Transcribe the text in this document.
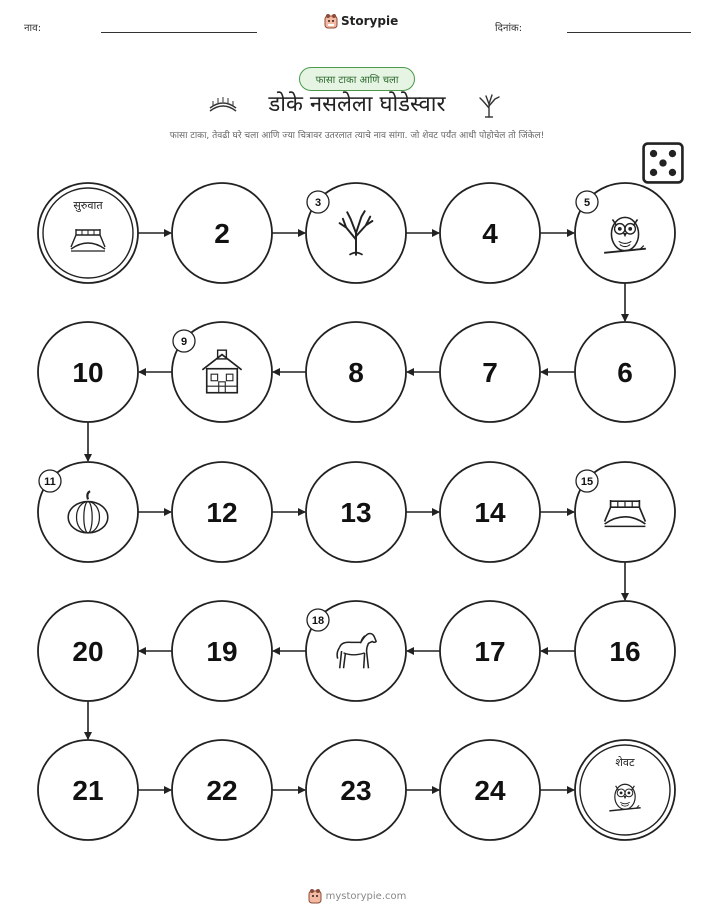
नाव:
Storypie
दिनांक:
फासा टाका आणि चला
डोके नसलेला घोडेस्वार
फासा टाका, तेवढी घरे चला आणि ज्या चित्रावर उतरलात त्याचे नाव सांगा. जो शेवट पर्यंत आधी पोहोचेल तो जिंकेल!
सुरुवात
2
3
4
5
6
7
8
9
10
11
12	13	14
15
16
17
18
19
20
21	22	23	24
शेवट
mystorypie.com
